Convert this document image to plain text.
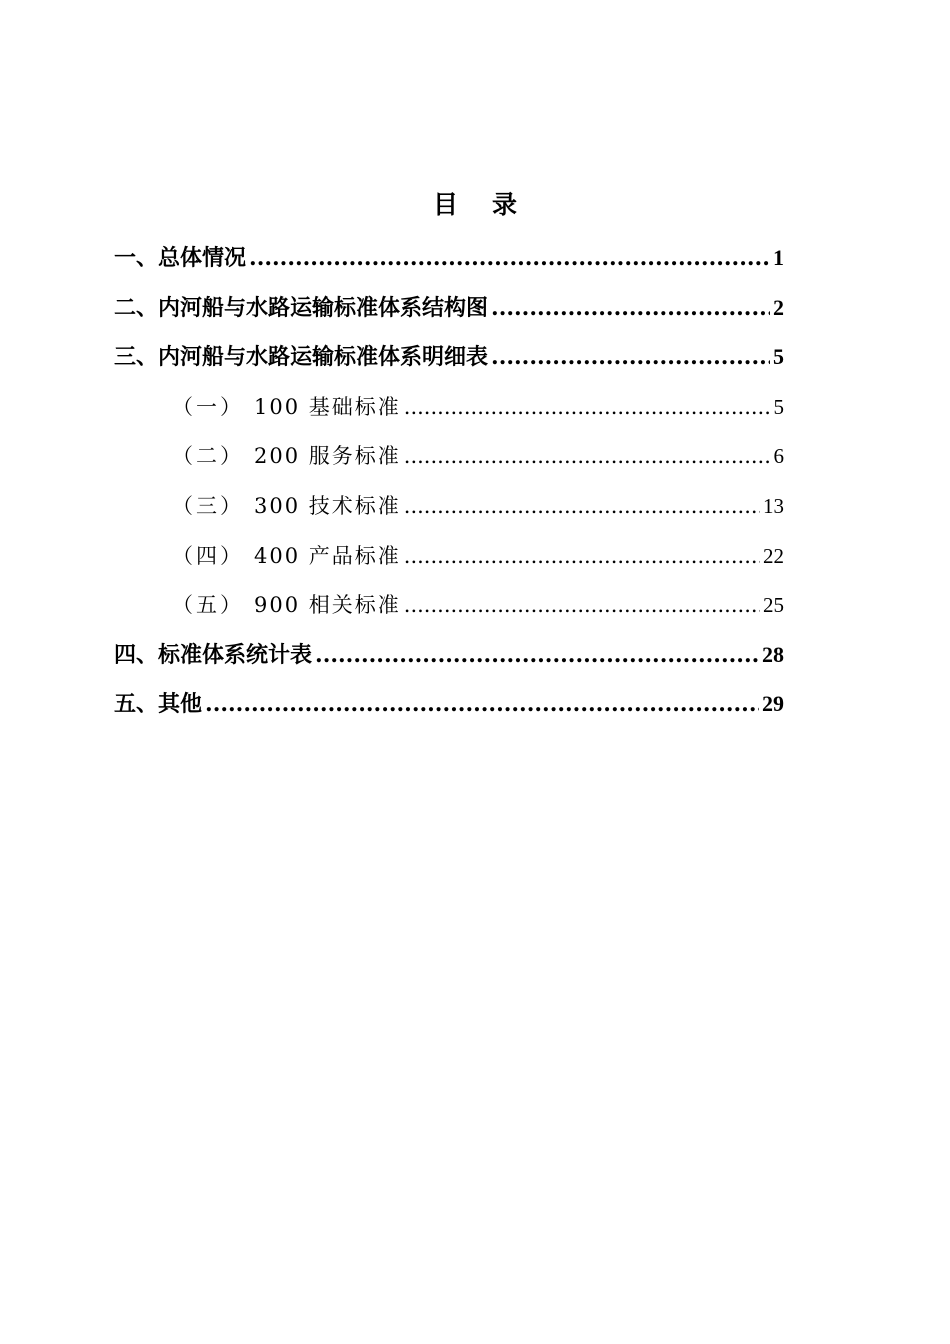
目录
一、 总体情况 .....	1
二、 内河船与水路运输标准体系结构图 .....	2
三、 内河船与水路运输标准体系明细表 .....	5
（一） 100 基础标准 .....	5
（二） 200 服务标准 .....	6
（三） 300 技术标准 .....	13
（四） 400 产品标准 .....	22
（五） 900 相关标准 .....	25
四、 标准体系统计表 .....	28
五、 其他 .....	29
